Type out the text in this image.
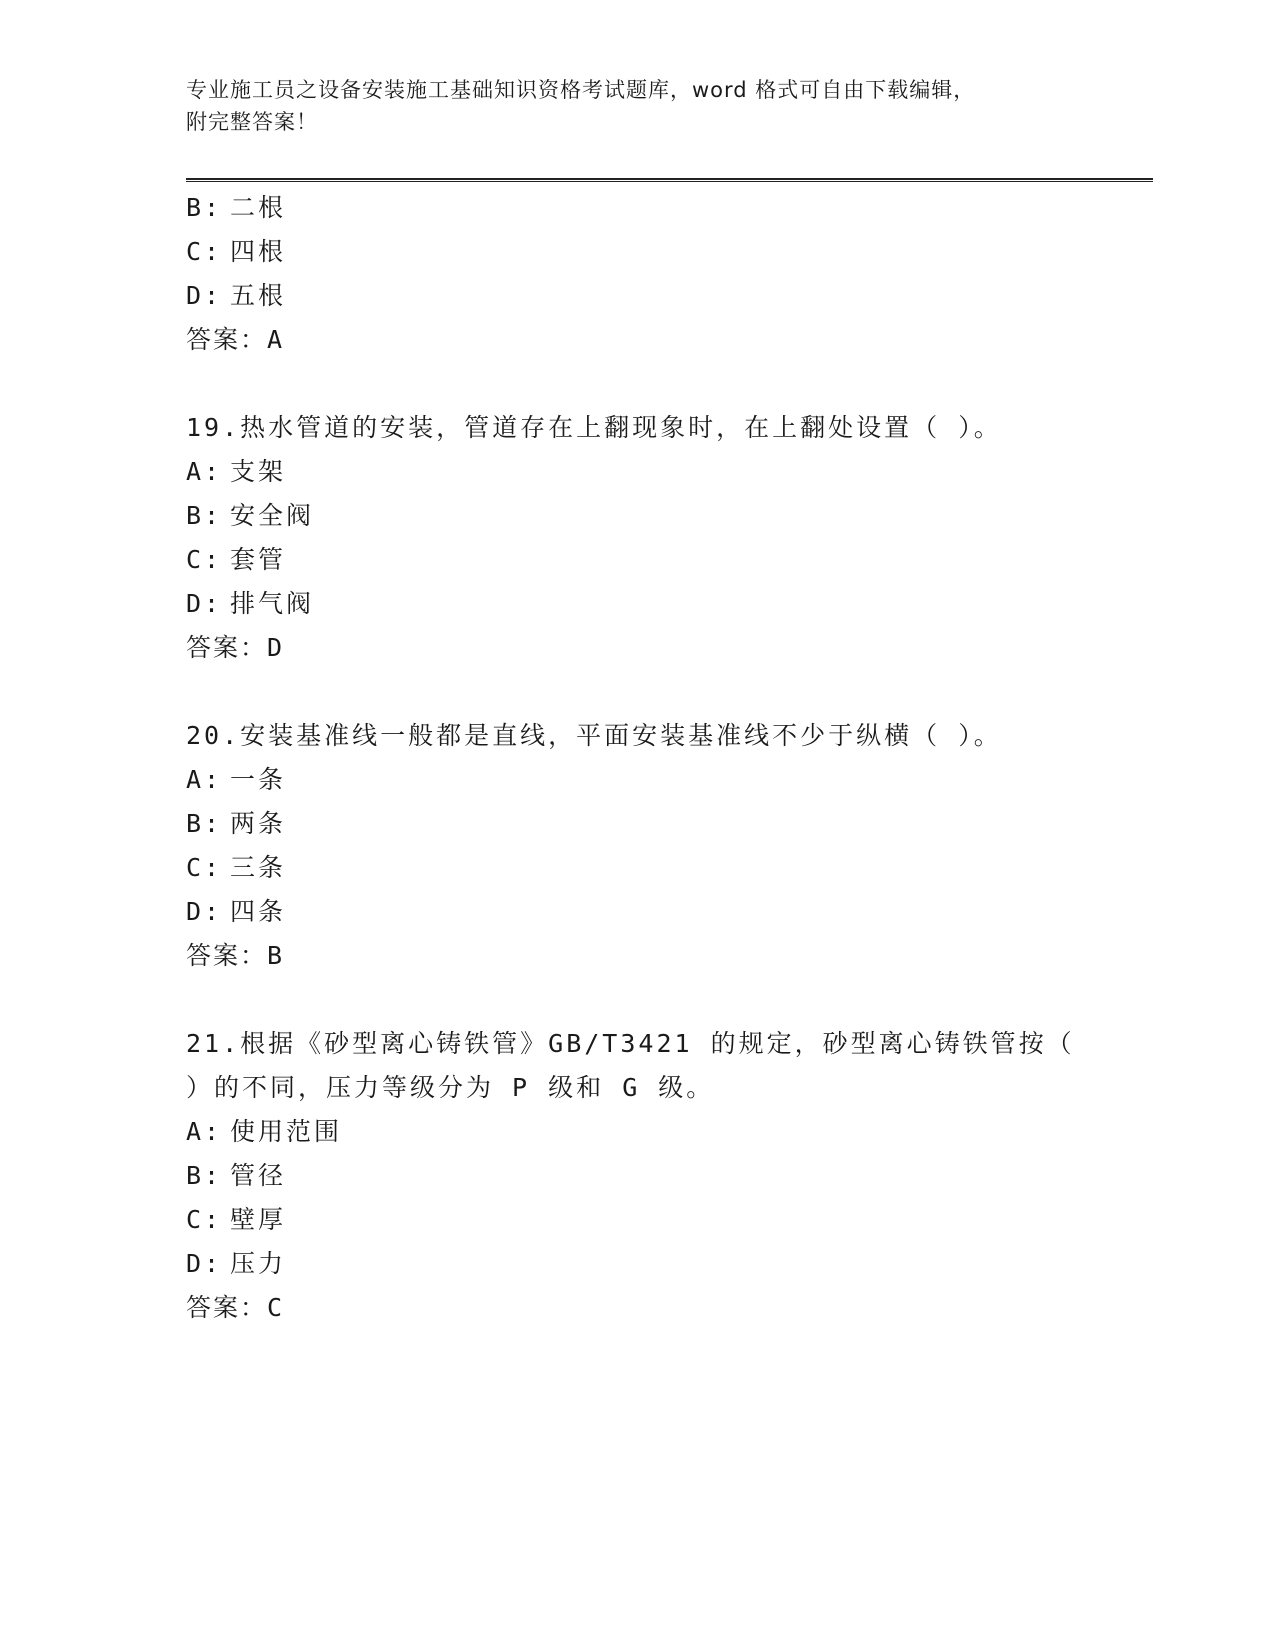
专业施工员之设备安装施工基础知识资格考试题库，word 格式可自由下载编辑，
附完整答案！
B: 二根
C: 四根
D: 五根
答案：A
19.热水管道的安装，管道存在上翻现象时，在上翻处设置（ ）。
A: 支架
B: 安全阀
C: 套管
D: 排气阀
答案：D
20.安装基准线一般都是直线，平面安装基准线不少于纵横（ ）。
A: 一条
B: 两条
C: 三条
D: 四条
答案：B
21.根据《砂型离心铸铁管》GB/T3421 的规定，砂型离心铸铁管按（
）的不同，压力等级分为 P 级和 G 级。
A: 使用范围
B: 管径
C: 壁厚
D: 压力
答案：C
